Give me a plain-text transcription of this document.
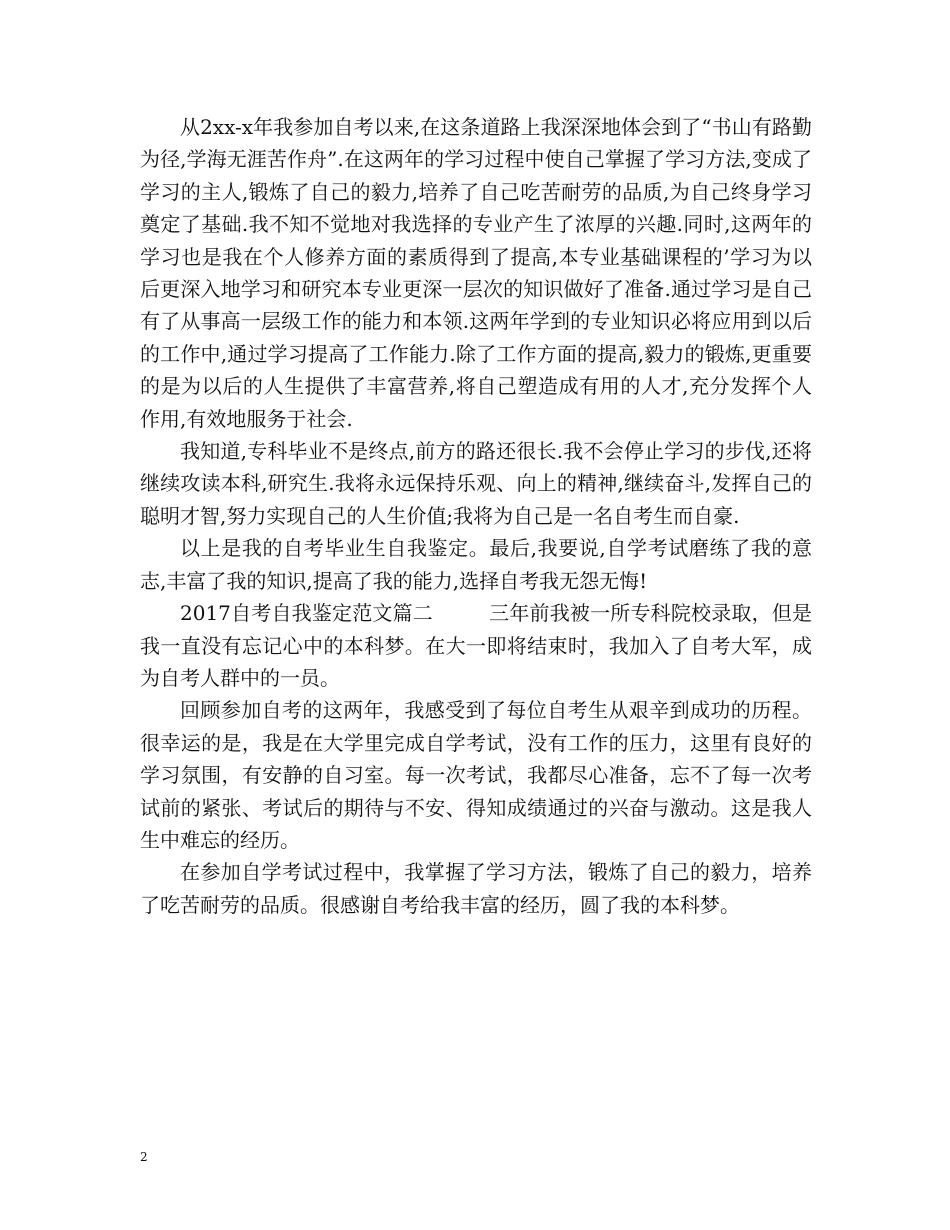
从2xx-x年我参加自考以来,在这条道路上我深深地体会到了“书山有路勤为径,学海无涯苦作舟”.在这两年的学习过程中使自己掌握了学习方法,变成了学习的主人,锻炼了自己的毅力,培养了自己吃苦耐劳的品质,为自己终身学习奠定了基础.我不知不觉地对我选择的专业产生了浓厚的兴趣.同时,这两年的学习也是我在个人修养方面的素质得到了提高,本专业基础课程的’学习为以后更深入地学习和研究本专业更深一层次的知识做好了准备.通过学习是自己有了从事高一层级工作的能力和本领.这两年学到的专业知识必将应用到以后的工作中,通过学习提高了工作能力.除了工作方面的提高,毅力的锻炼,更重要的是为以后的人生提供了丰富营养,将自己塑造成有用的人才,充分发挥个人作用,有效地服务于社会.

我知道,专科毕业不是终点,前方的路还很长.我不会停止学习的步伐,还将继续攻读本科,研究生.我将永远保持乐观、向上的精神,继续奋斗,发挥自己的聪明才智,努力实现自己的人生价值;我将为自己是一名自考生而自豪.

以上是我的自考毕业生自我鉴定。最后,我要说,自学考试磨练了我的意志,丰富了我的知识,提高了我的能力,选择自考我无怨无悔!

2017自考自我鉴定范文篇二	三年前我被一所专科院校录取，但是我一直没有忘记心中的本科梦。在大一即将结束时，我加入了自考大军，成为自考人群中的一员。

回顾参加自考的这两年，我感受到了每位自考生从艰辛到成功的历程。很幸运的是，我是在大学里完成自学考试，没有工作的压力，这里有良好的学习氛围，有安静的自习室。每一次考试，我都尽心准备，忘不了每一次考试前的紧张、考试后的期待与不安、得知成绩通过的兴奋与激动。这是我人生中难忘的经历。

在参加自学考试过程中，我掌握了学习方法，锻炼了自己的毅力，培养了吃苦耐劳的品质。很感谢自考给我丰富的经历，圆了我的本科梦。

2
